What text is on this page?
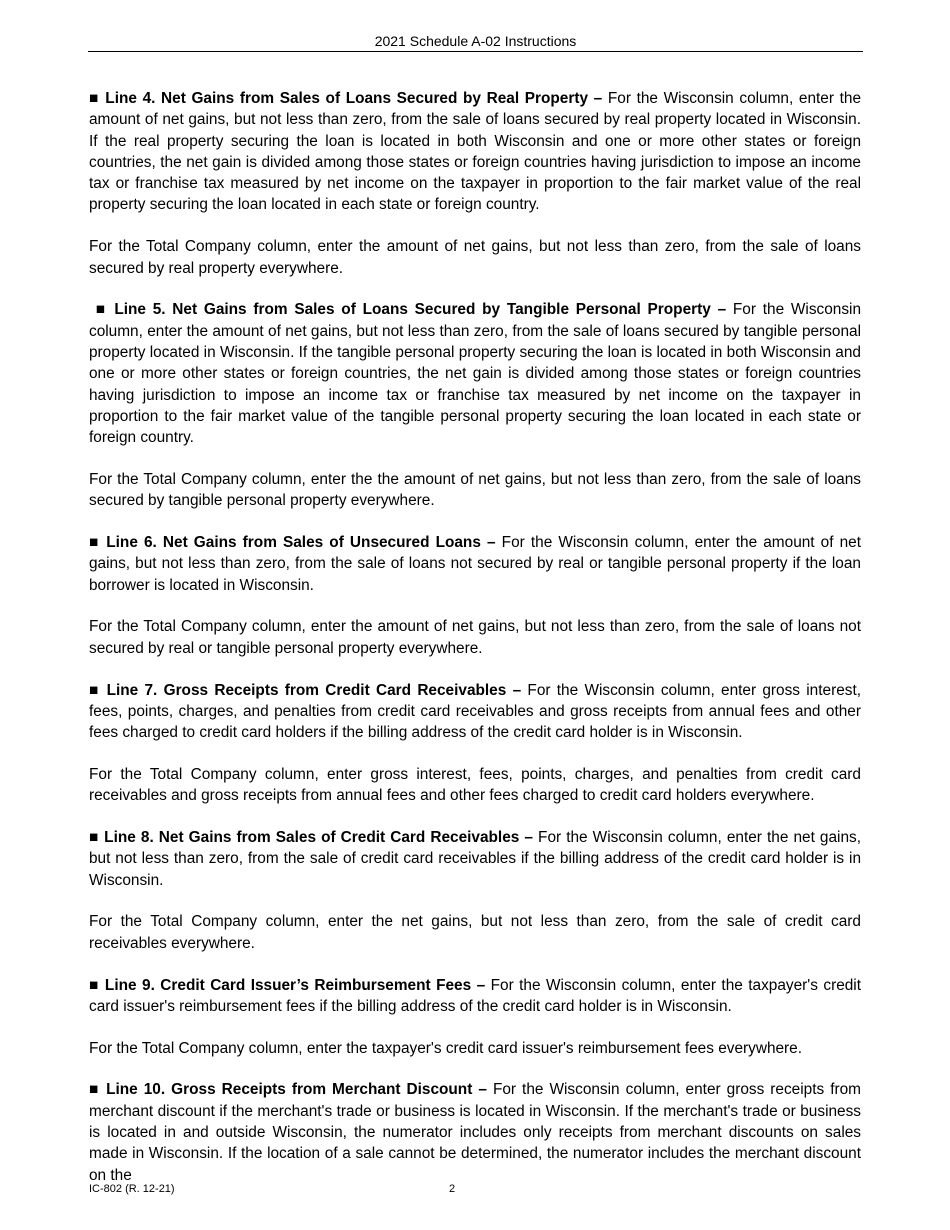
2021 Schedule A-02 Instructions

■ Line 4. Net Gains from Sales of Loans Secured by Real Property – For the Wisconsin column, enter the amount of net gains, but not less than zero, from the sale of loans secured by real property located in Wisconsin. If the real property securing the loan is located in both Wisconsin and one or more other states or foreign countries, the net gain is divided among those states or foreign countries having jurisdiction to impose an income tax or franchise tax measured by net income on the taxpayer in proportion to the fair market value of the real property securing the loan located in each state or foreign country.

For the Total Company column, enter the amount of net gains, but not less than zero, from the sale of loans secured by real property everywhere.

■ Line 5. Net Gains from Sales of Loans Secured by Tangible Personal Property – For the Wisconsin column, enter the amount of net gains, but not less than zero, from the sale of loans secured by tangible personal property located in Wisconsin. If the tangible personal property securing the loan is located in both Wisconsin and one or more other states or foreign countries, the net gain is divided among those states or foreign countries having jurisdiction to impose an income tax or franchise tax measured by net income on the taxpayer in proportion to the fair market value of the tangible personal property securing the loan located in each state or foreign country.

For the Total Company column, enter the the amount of net gains, but not less than zero, from the sale of loans secured by tangible personal property everywhere.

■ Line 6. Net Gains from Sales of Unsecured Loans – For the Wisconsin column, enter the amount of net gains, but not less than zero, from the sale of loans not secured by real or tangible personal property if the loan borrower is located in Wisconsin.

For the Total Company column, enter the amount of net gains, but not less than zero, from the sale of loans not secured by real or tangible personal property everywhere.

■ Line 7. Gross Receipts from Credit Card Receivables – For the Wisconsin column, enter gross interest, fees, points, charges, and penalties from credit card receivables and gross receipts from annual fees and other fees charged to credit card holders if the billing address of the credit card holder is in Wisconsin.

For the Total Company column, enter gross interest, fees, points, charges, and penalties from credit card receivables and gross receipts from annual fees and other fees charged to credit card holders everywhere.

■ Line 8. Net Gains from Sales of Credit Card Receivables – For the Wisconsin column, enter the net gains, but not less than zero, from the sale of credit card receivables if the billing address of the credit card holder is in Wisconsin.

For the Total Company column, enter the net gains, but not less than zero, from the sale of credit card receivables everywhere.

■ Line 9. Credit Card Issuer’s Reimbursement Fees – For the Wisconsin column, enter the taxpayer's credit card issuer's reimbursement fees if the billing address of the credit card holder is in Wisconsin.

For the Total Company column, enter the taxpayer's credit card issuer's reimbursement fees everywhere.

■ Line 10. Gross Receipts from Merchant Discount – For the Wisconsin column, enter gross receipts from merchant discount if the merchant's trade or business is located in Wisconsin. If the merchant's trade or business is located in and outside Wisconsin, the numerator includes only receipts from merchant discounts on sales made in Wisconsin. If the location of a sale cannot be determined, the numerator includes the merchant discount on the

IC-802 (R. 12-21)	2
